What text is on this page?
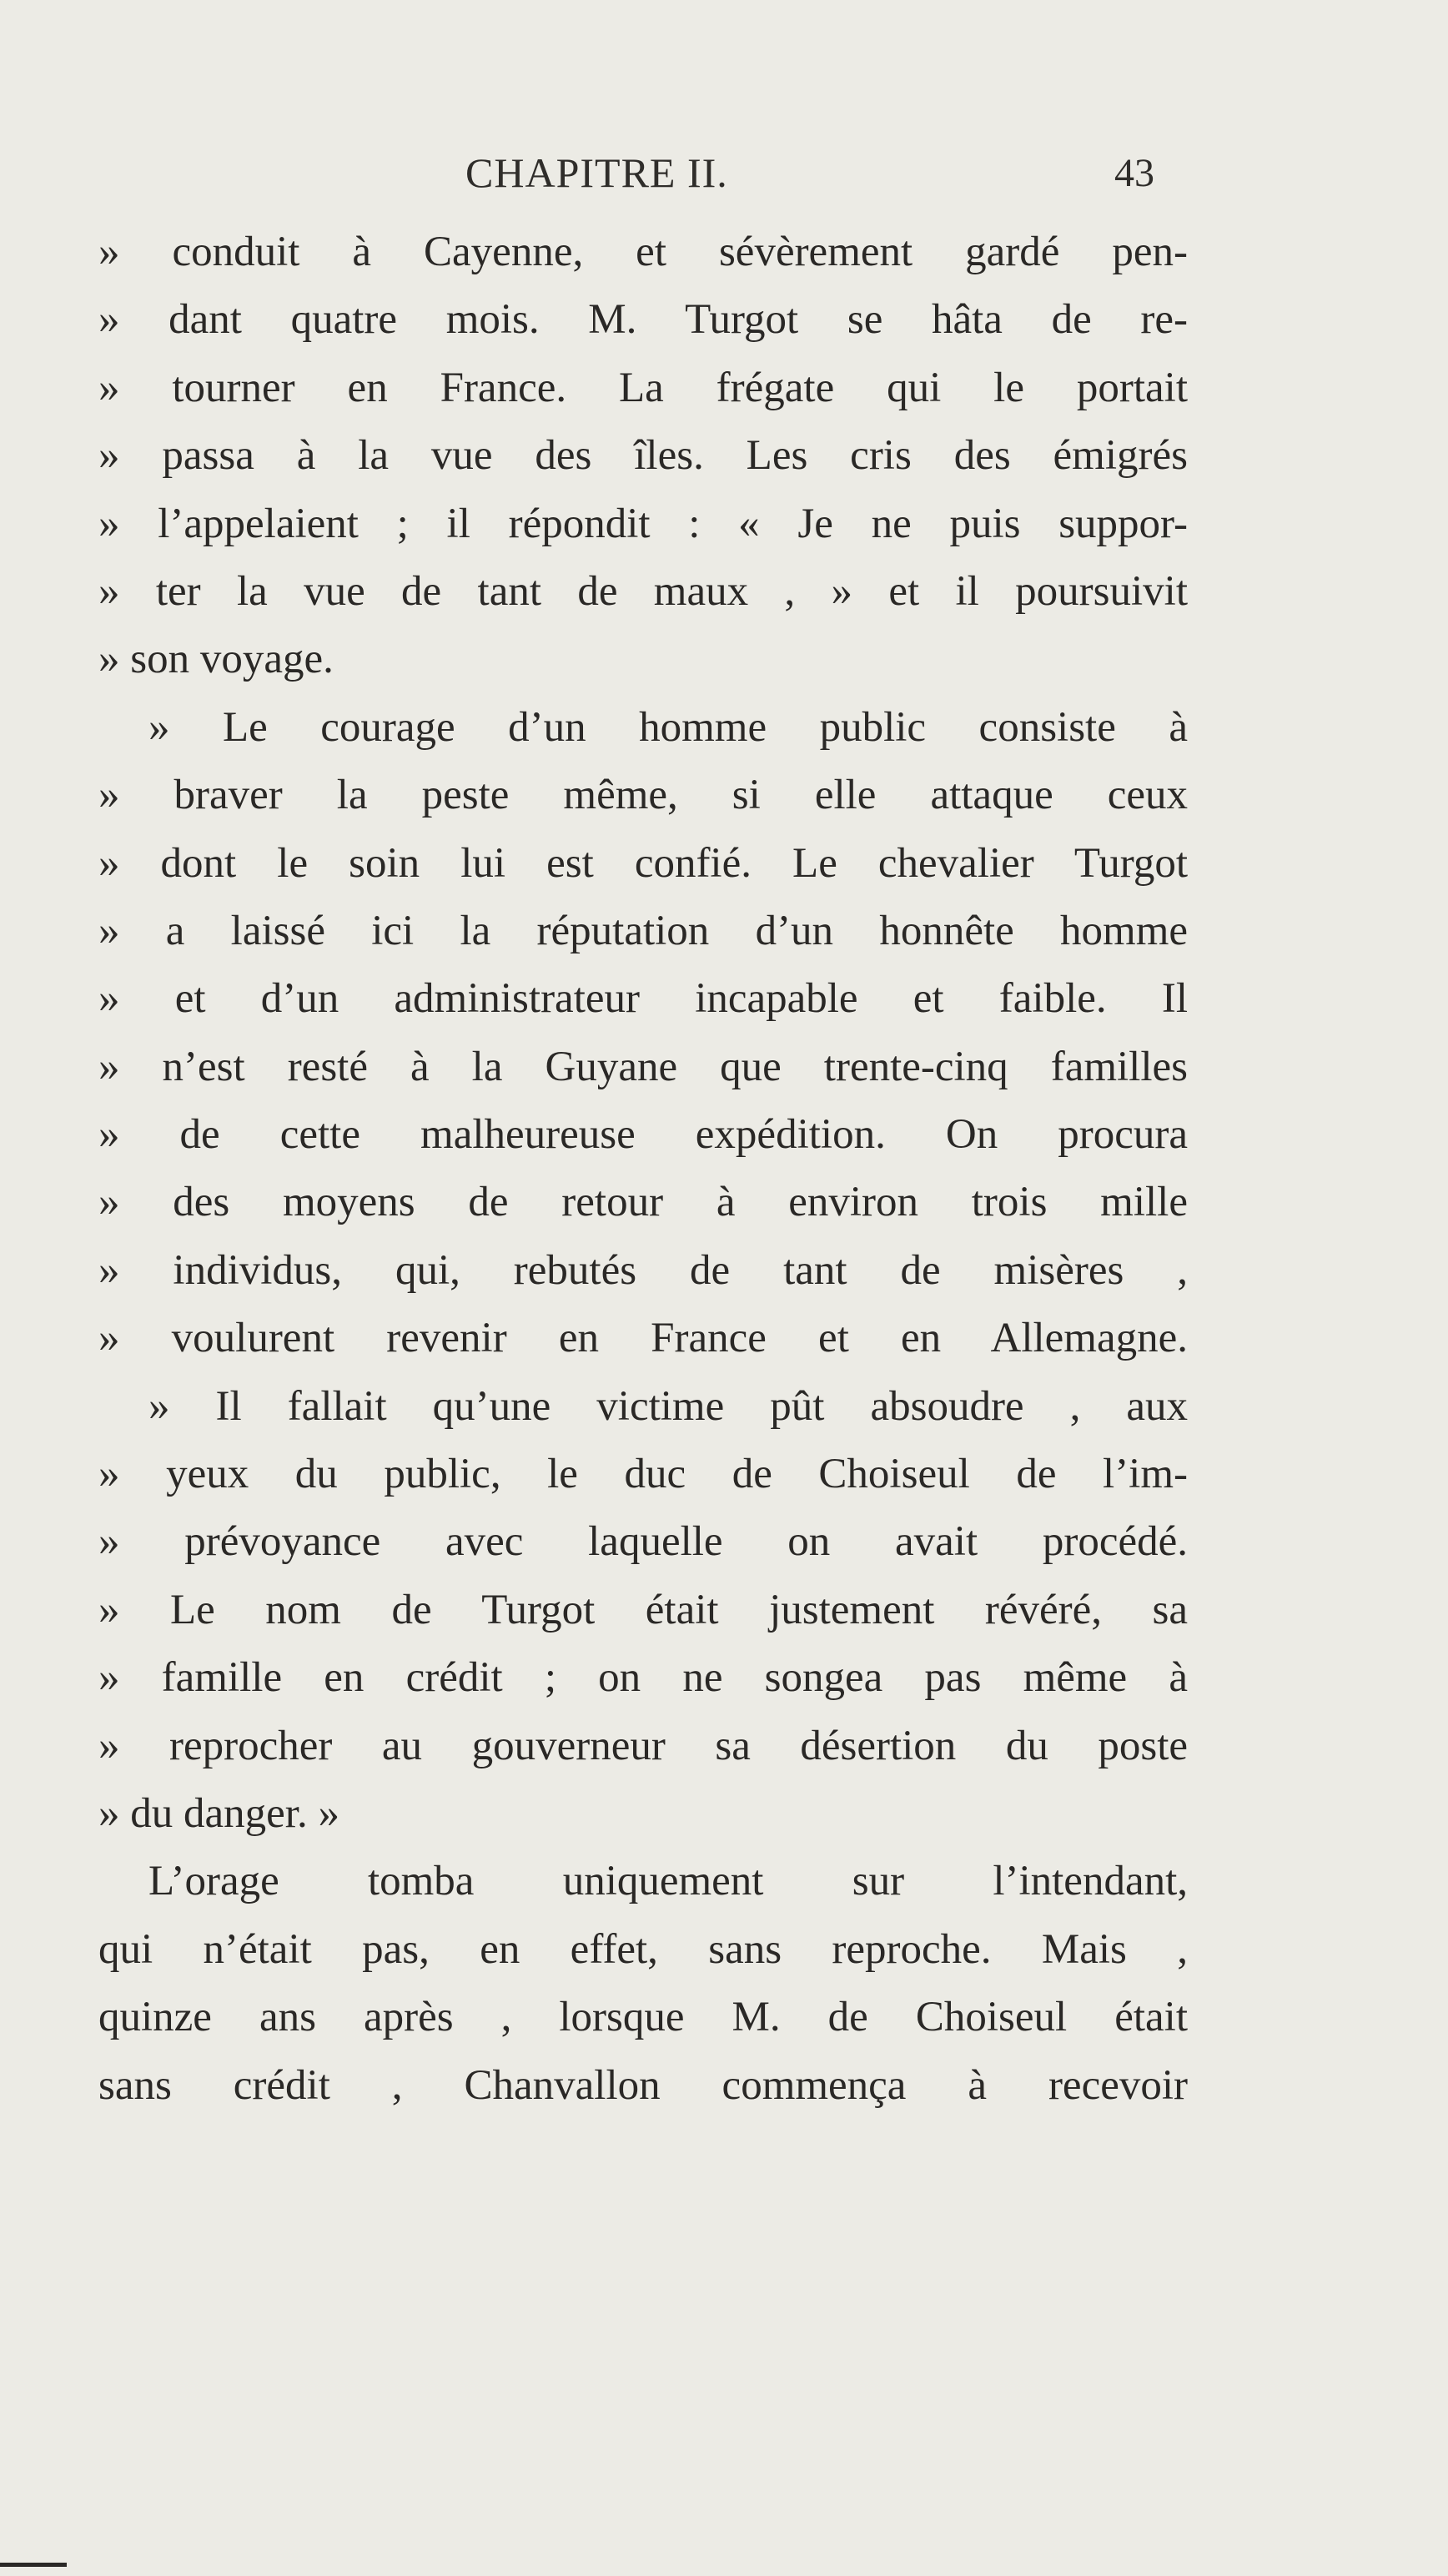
CHAPITRE II.	43
» conduit à Cayenne, et sévèrement gardé pen-
» dant quatre mois. M. Turgot se hâta de re-
» tourner en France. La frégate qui le portait
» passa à la vue des îles. Les cris des émigrés
» l’appelaient ; il répondit : « Je ne puis suppor-
» ter la vue de tant de maux , » et il poursuivit
» son voyage.
» Le courage d’un homme public consiste à
» braver la peste même, si elle attaque ceux
» dont le soin lui est confié. Le chevalier Turgot
» a laissé ici la réputation d’un honnête homme
» et d’un administrateur incapable et faible. Il
» n’est resté à la Guyane que trente-cinq familles
» de cette malheureuse expédition. On procura
» des moyens de retour à environ trois mille
» individus, qui, rebutés de tant de misères ,
» voulurent revenir en France et en Allemagne.
» Il fallait qu’une victime pût absoudre , aux
» yeux du public, le duc de Choiseul de l’im-
» prévoyance avec laquelle on avait procédé.
» Le nom de Turgot était justement révéré, sa
» famille en crédit ; on ne songea pas même à
» reprocher au gouverneur sa désertion du poste
» du danger. »
L’orage tomba uniquement sur l’intendant,
qui n’était pas, en effet, sans reproche. Mais ,
quinze ans après , lorsque M. de Choiseul était
sans crédit , Chanvallon commença à recevoir
